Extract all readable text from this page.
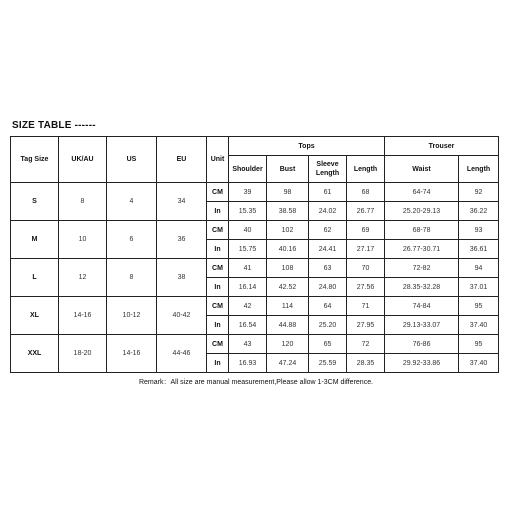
SIZE TABLE ------
Tag Size	UK/AU	US	EU	Unit	Tops				Trouser	
					Shoulder	Bust	Sleeve Length	Length	Waist	Length
S	8	4	34	CM	39	98	61	68	64-74	92
				In	15.35	38.58	24.02	26.77	25.20-29.13	36.22
M	10	6	36	CM	40	102	62	69	68-78	93
				In	15.75	40.16	24.41	27.17	26.77-30.71	36.61
L	12	8	38	CM	41	108	63	70	72-82	94
				In	16.14	42.52	24.80	27.56	28.35-32.28	37.01
XL	14-16	10-12	40-42	CM	42	114	64	71	74-84	95
				In	16.54	44.88	25.20	27.95	29.13-33.07	37.40
XXL	18-20	14-16	44-46	CM	43	120	65	72	76-86	95
				In	16.93	47.24	25.59	28.35	29.92-33.86	37.40
Remark：All size are manual measurement,Please allow 1-3CM difference.
